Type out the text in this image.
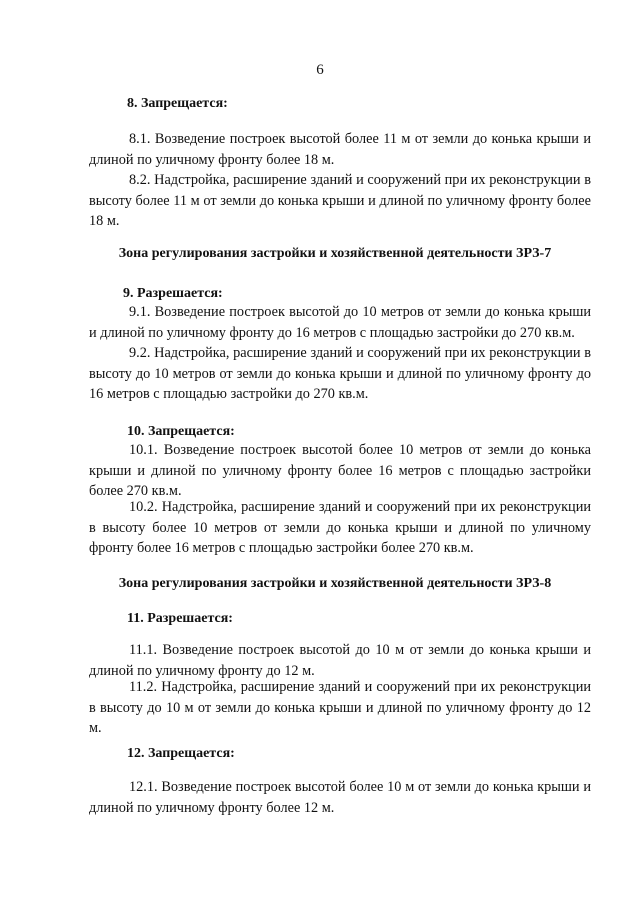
6
8. Запрещается:
8.1. Возведение построек высотой более 11 м от земли до конька крыши и длиной по уличному фронту более 18 м.
8.2. Надстройка, расширение зданий и сооружений при их реконструкции в высоту более 11 м от земли до конька крыши и длиной по уличному фронту более 18 м.
Зона регулирования застройки и хозяйственной деятельности ЗРЗ-7
9. Разрешается:
9.1. Возведение построек высотой до 10 метров от земли до конька крыши и длиной по уличному фронту до 16 метров с площадью застройки до 270 кв.м.
9.2. Надстройка, расширение зданий и сооружений при их реконструкции в высоту до 10 метров от земли до конька крыши и длиной по уличному фронту до 16 метров с площадью застройки до 270 кв.м.
10. Запрещается:
10.1. Возведение построек высотой более 10 метров от земли до конька крыши и длиной по уличному фронту более 16 метров с площадью застройки более 270 кв.м.
10.2. Надстройка, расширение зданий и сооружений при их реконструкции в высоту более 10 метров от земли до конька крыши и длиной по уличному фронту более 16 метров с площадью застройки более 270 кв.м.
Зона регулирования застройки и хозяйственной деятельности ЗРЗ-8
11. Разрешается:
11.1. Возведение построек высотой до 10 м от земли до конька крыши и длиной по уличному фронту до 12 м.
11.2. Надстройка, расширение зданий и сооружений при их реконструкции в высоту до 10 м от земли до конька крыши и длиной по уличному фронту до 12 м.
12. Запрещается:
12.1. Возведение построек высотой более 10 м от земли до конька крыши и длиной по уличному фронту более 12 м.
